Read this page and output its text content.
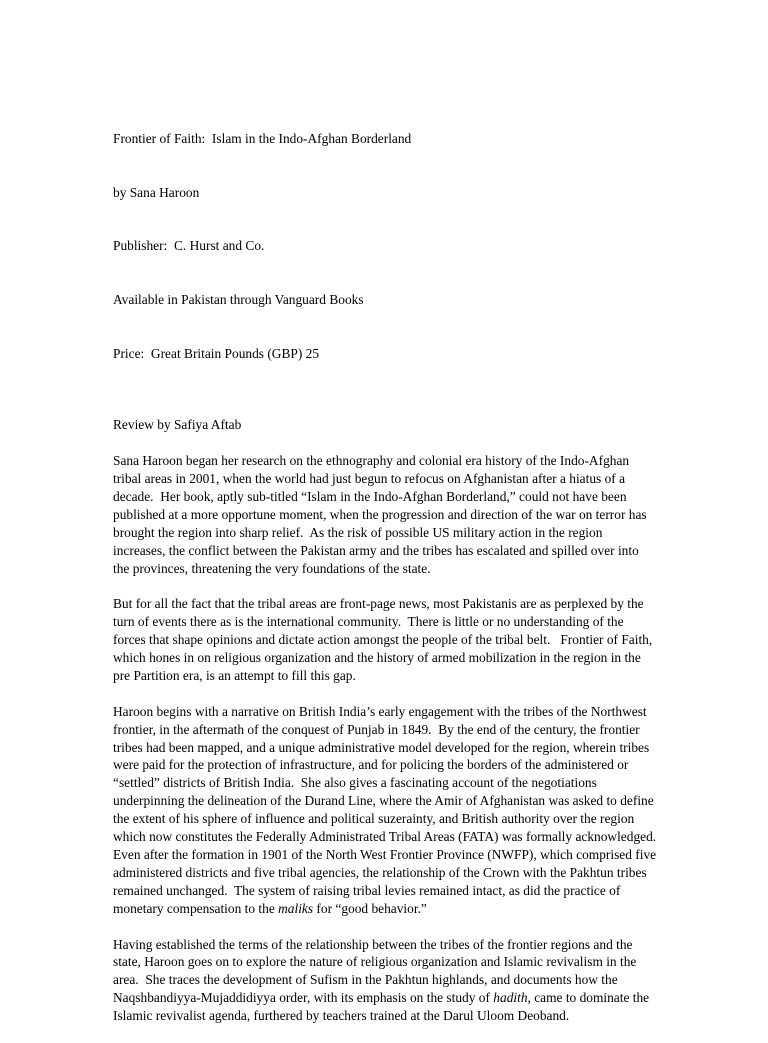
Frontier of Faith:  Islam in the Indo-Afghan Borderland

by Sana Haroon

Publisher:  C. Hurst and Co.

Available in Pakistan through Vanguard Books

Price:  Great Britain Pounds (GBP) 25

Review by Safiya Aftab

Sana Haroon began her research on the ethnography and colonial era history of the Indo-Afghan tribal areas in 2001, when the world had just begun to refocus on Afghanistan after a hiatus of a decade.  Her book, aptly sub-titled “Islam in the Indo-Afghan Borderland,” could not have been published at a more opportune moment, when the progression and direction of the war on terror has brought the region into sharp relief.  As the risk of possible US military action in the region increases, the conflict between the Pakistan army and the tribes has escalated and spilled over into the provinces, threatening the very foundations of the state.

But for all the fact that the tribal areas are front-page news, most Pakistanis are as perplexed by the turn of events there as is the international community.  There is little or no understanding of the forces that shape opinions and dictate action amongst the people of the tribal belt.   Frontier of Faith, which hones in on religious organization and the history of armed mobilization in the region in the pre Partition era, is an attempt to fill this gap.

Haroon begins with a narrative on British India’s early engagement with the tribes of the Northwest frontier, in the aftermath of the conquest of Punjab in 1849.  By the end of the century, the frontier tribes had been mapped, and a unique administrative model developed for the region, wherein tribes were paid for the protection of infrastructure, and for policing the borders of the administered or “settled” districts of British India.  She also gives a fascinating account of the negotiations underpinning the delineation of the Durand Line, where the Amir of Afghanistan was asked to define the extent of his sphere of influence and political suzerainty, and British authority over the region which now constitutes the Federally Administrated Tribal Areas (FATA) was formally acknowledged.  Even after the formation in 1901 of the North West Frontier Province (NWFP), which comprised five administered districts and five tribal agencies, the relationship of the Crown with the Pakhtun tribes remained unchanged.  The system of raising tribal levies remained intact, as did the practice of monetary compensation to the maliks for “good behavior.”

Having established the terms of the relationship between the tribes of the frontier regions and the state, Haroon goes on to explore the nature of religious organization and Islamic revivalism in the area.  She traces the development of Sufism in the Pakhtun highlands, and documents how the Naqshbandiyya-Mujaddidiyya order, with its emphasis on the study of hadith, came to dominate the Islamic revivalist agenda, furthered by teachers trained at the Darul Uloom Deoband.
